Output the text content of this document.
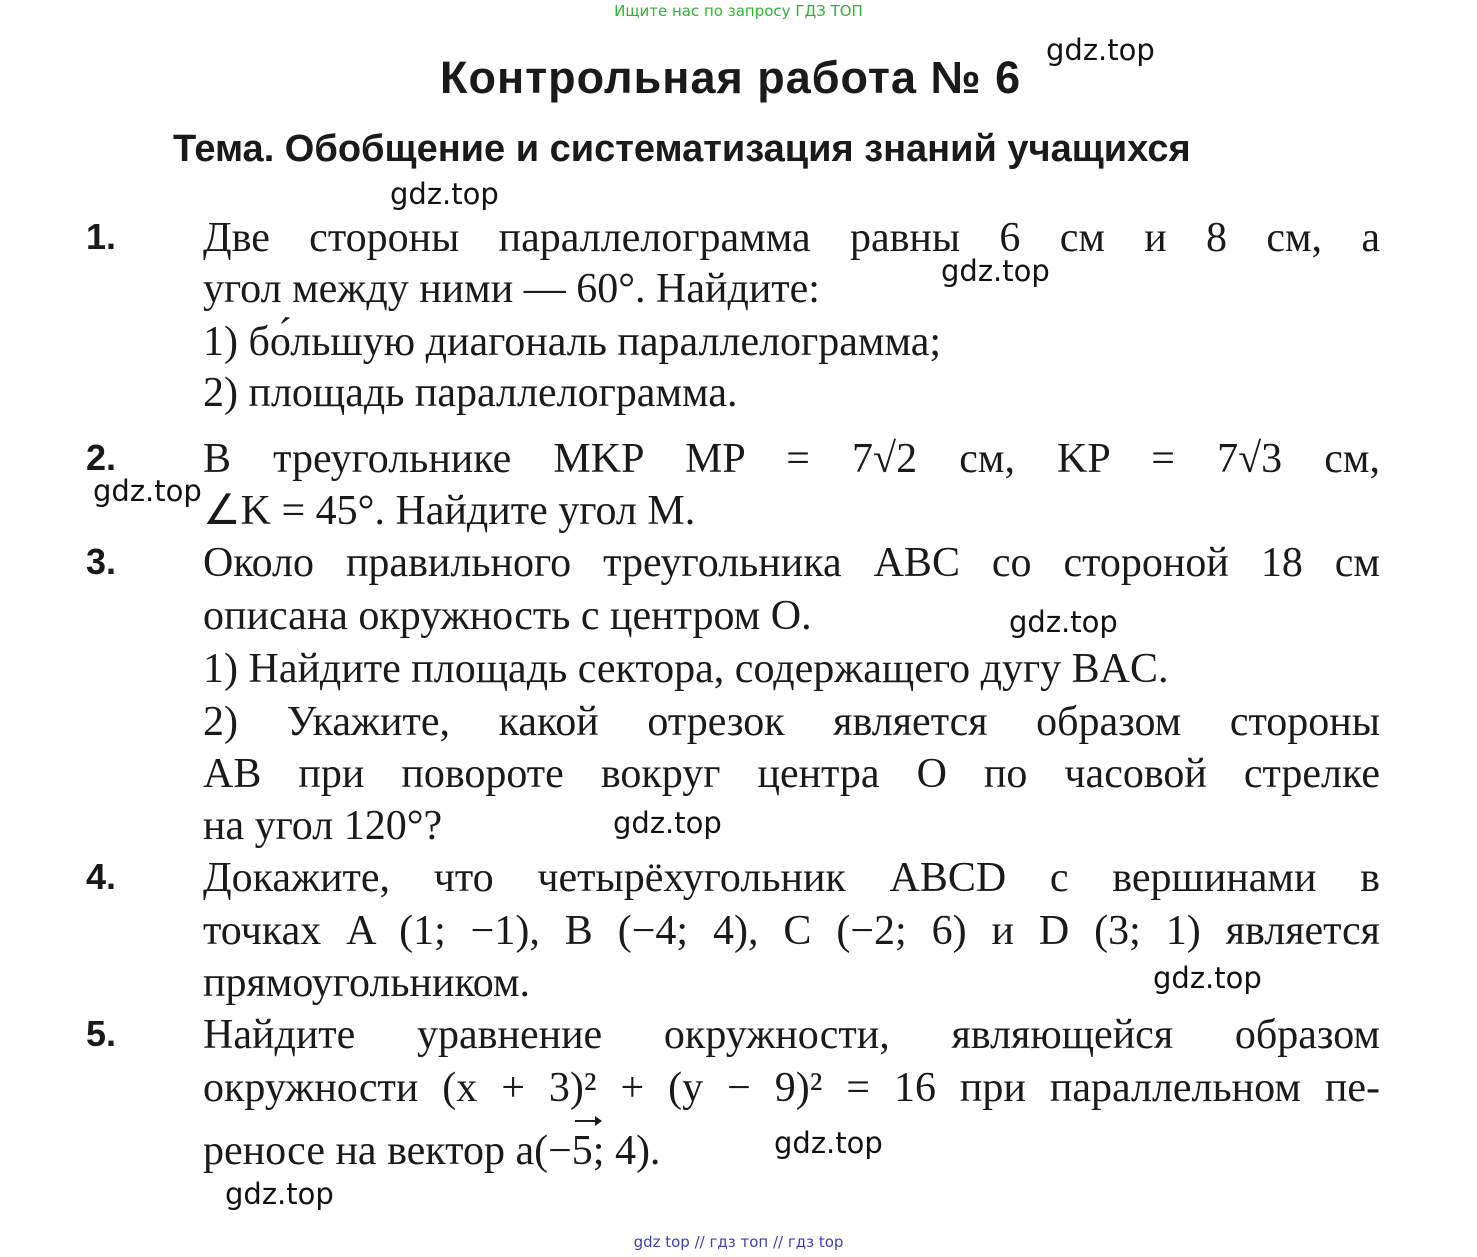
Ищите нас по запросу ГДЗ ТОП
Контрольная работа № 6
Тема. Обобщение и систематизация знаний учащихся
1. Две стороны параллелограмма равны 6 см и 8 см, а
угол между ними — 60°. Найдите:
1) бо́льшую диагональ параллелограмма;
2) площадь параллелограмма.
2. В треугольнике MKP MP = 7√2 см, KP = 7√3 см,
∠K = 45°. Найдите угол M.
3. Около правильного треугольника ABC со стороной 18 см
описана окружность с центром O.
1) Найдите площадь сектора, содержащего дугу BAC.
2) Укажите, какой отрезок является образом стороны
AB при повороте вокруг центра O по часовой стрелке
на угол 120°?
4. Докажите, что четырёхугольник ABCD с вершинами в
точках A (1; −1), B (−4; 4), C (−2; 6) и D (3; 1) является
прямоугольником.
5. Найдите уравнение окружности, являющейся образом
окружности (x + 3)² + (y − 9)² = 16 при параллельном пе-
реносе на вектор a(−5; 4).
gdz.top
gdz.top
gdz.top
gdz.top
gdz.top
gdz.top
gdz.top
gdz.top
gdz.top
gdz top // гдз топ // гдз top
